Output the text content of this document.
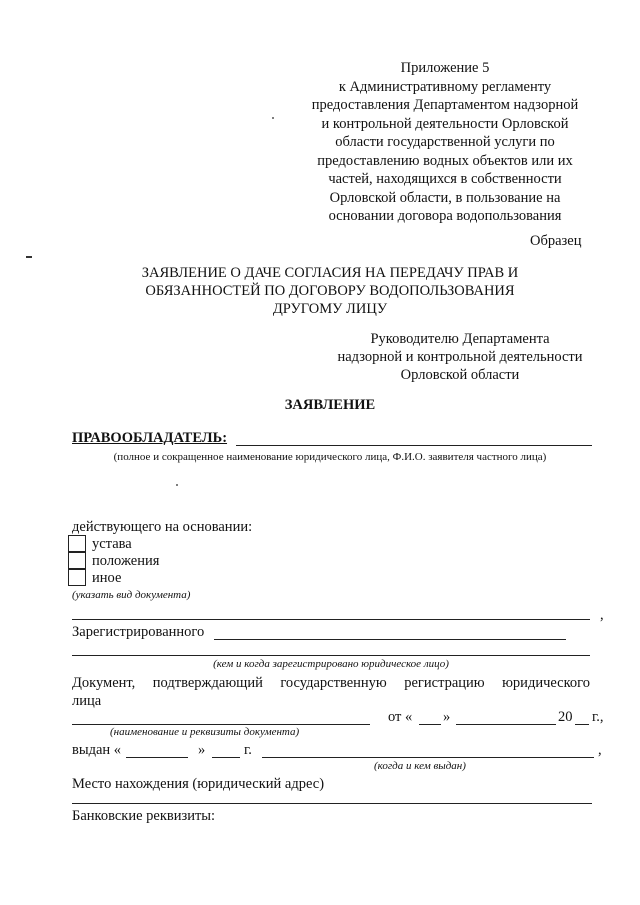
Приложение 5
к Административному регламенту
предоставления Департаментом надзорной
и контрольной деятельности Орловской
области государственной услуги по
предоставлению водных объектов или их
частей, находящихся в собственности
Орловской области, в пользование на
основании договора водопользования
Образец
ЗАЯВЛЕНИЕ О ДАЧЕ СОГЛАСИЯ НА ПЕРЕДАЧУ ПРАВ И
ОБЯЗАННОСТЕЙ ПО ДОГОВОРУ ВОДОПОЛЬЗОВАНИЯ
ДРУГОМУ ЛИЦУ
Руководителю Департамента
надзорной и контрольной деятельности
Орловской области
ЗАЯВЛЕНИЕ
ПРАВООБЛАДАТЕЛЬ:
(полное и сокращенное наименование юридического лица, Ф.И.О. заявителя частного лица)
действующего на основании:
устава
положения
иное
(указать вид документа)
,
Зарегистрированного
(кем и когда зарегистрировано юридическое лицо)
Документ, подтверждающий государственную регистрацию юридического
лица
от « »	20 г.,
(наименование и реквизиты документа)
выдан «	»	г.	,
(когда и кем выдан)
Место нахождения (юридический адрес)
Банковские реквизиты:
